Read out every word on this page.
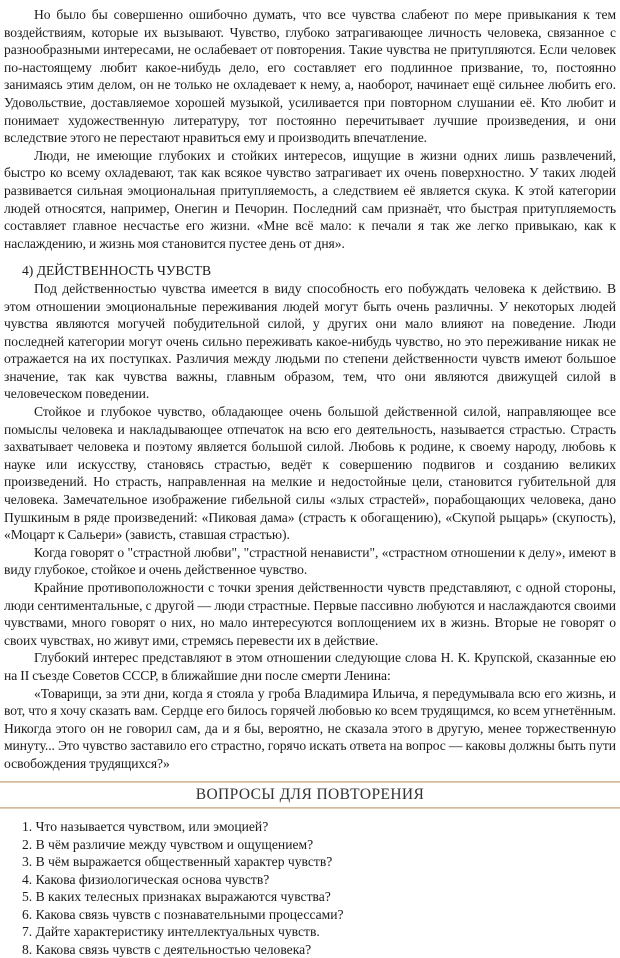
Но было бы совершенно ошибочно думать, что все чувства слабеют по мере привыкания к тем воздействиям, которые их вызывают. Чувство, глубоко затрагивающее личность человека, связанное с разнообразными интересами, не ослабевает от повторения. Такие чувства не притупляются. Если человек по-настоящему любит какое-нибудь дело, его составляет его подлинное призвание, то, постоянно занимаясь этим делом, он не только не охладевает к нему, а, наоборот, начинает ещё сильнее любить его. Удовольствие, доставляемое хорошей музыкой, усиливается при повторном слушании её. Кто любит и понимает художественную литературу, тот постоянно перечитывает лучшие произведения, и они вследствие этого не перестают нравиться ему и производить впечатление.

Люди, не имеющие глубоких и стойких интересов, ищущие в жизни одних лишь развлечений, быстро ко всему охладевают, так как всякое чувство затрагивает их очень поверхностно. У таких людей развивается сильная эмоциональная притупляемость, а следствием её является скука. К этой категории людей относятся, например, Онегин и Печорин. Последний сам признаёт, что быстрая притупляемость составляет главное несчастье его жизни. «Мне всё мало: к печали я так же легко привыкаю, как к наслаждению, и жизнь моя становится пустее день от дня».

4) ДЕЙСТВЕННОСТЬ ЧУВСТВ

Под действенностью чувства имеется в виду способность его побуждать человека к действию. В этом отношении эмоциональные переживания людей могут быть очень различны. У некоторых людей чувства являются могучей побудительной силой, у других они мало влияют на поведение. Люди последней категории могут очень сильно переживать какое-нибудь чувство, но это переживание никак не отражается на их поступках. Различия между людьми по степени действенности чувств имеют большое значение, так как чувства важны, главным образом, тем, что они являются движущей силой в человеческом поведении.

Стойкое и глубокое чувство, обладающее очень большой действенной силой, направляющее все помыслы человека и накладывающее отпечаток на всю его деятельность, называется страстью. Страсть захватывает человека и поэтому является большой силой. Любовь к родине, к своему народу, любовь к науке или искусству, становясь страстью, ведёт к совершению подвигов и созданию великих произведений. Но страсть, направленная на мелкие и недостойные цели, становится губительной для человека. Замечательное изображение гибельной силы «злых страстей», порабощающих человека, дано Пушкиным в ряде произведений: «Пиковая дама» (страсть к обогащению), «Скупой рыцарь» (скупость), «Моцарт к Сальери» (зависть, ставшая страстью).

Когда говорят о "страстной любви", "страстной ненависти", «страстном отношении к делу», имеют в виду глубокое, стойкое и очень действенное чувство.

Крайние противоположности с точки зрения действенности чувств представляют, с одной стороны, люди сентиментальные, с другой — люди страстные. Первые пассивно любуются и наслаждаются своими чувствами, много говорят о них, но мало интересуются воплощением их в жизнь. Вторые не говорят о своих чувствах, но живут ими, стремясь перевести их в действие.

Глубокий интерес представляют в этом отношении следующие слова Н. К. Крупской, сказанные ею на II съезде Советов СССР, в ближайшие дни после смерти Ленина:

«Товарищи, за эти дни, когда я стояла у гроба Владимира Ильича, я передумывала всю его жизнь, и вот, что я хочу сказать вам. Сердце его билось горячей любовью ко всем трудящимся, ко всем угнетённым. Никогда этого он не говорил сам, да и я бы, вероятно, не сказала этого в другую, менее торжественную минуту... Это чувство заставило его страстно, горячо искать ответа на вопрос — каковы должны быть пути освобождения трудящихся?»

ВОПРОСЫ ДЛЯ ПОВТОРЕНИЯ
1. Что называется чувством, или эмоцией?
2. В чём различие между чувством и ощущением?
3. В чём выражается общественный характер чувств?
4. Какова физиологическая основа чувств?
5. В каких телесных признаках выражаются чувства?
6. Какова связь чувств с познавательными процессами?
7. Дайте характеристику интеллектуальных чувств.
8. Какова связь чувств с деятельностью человека?
